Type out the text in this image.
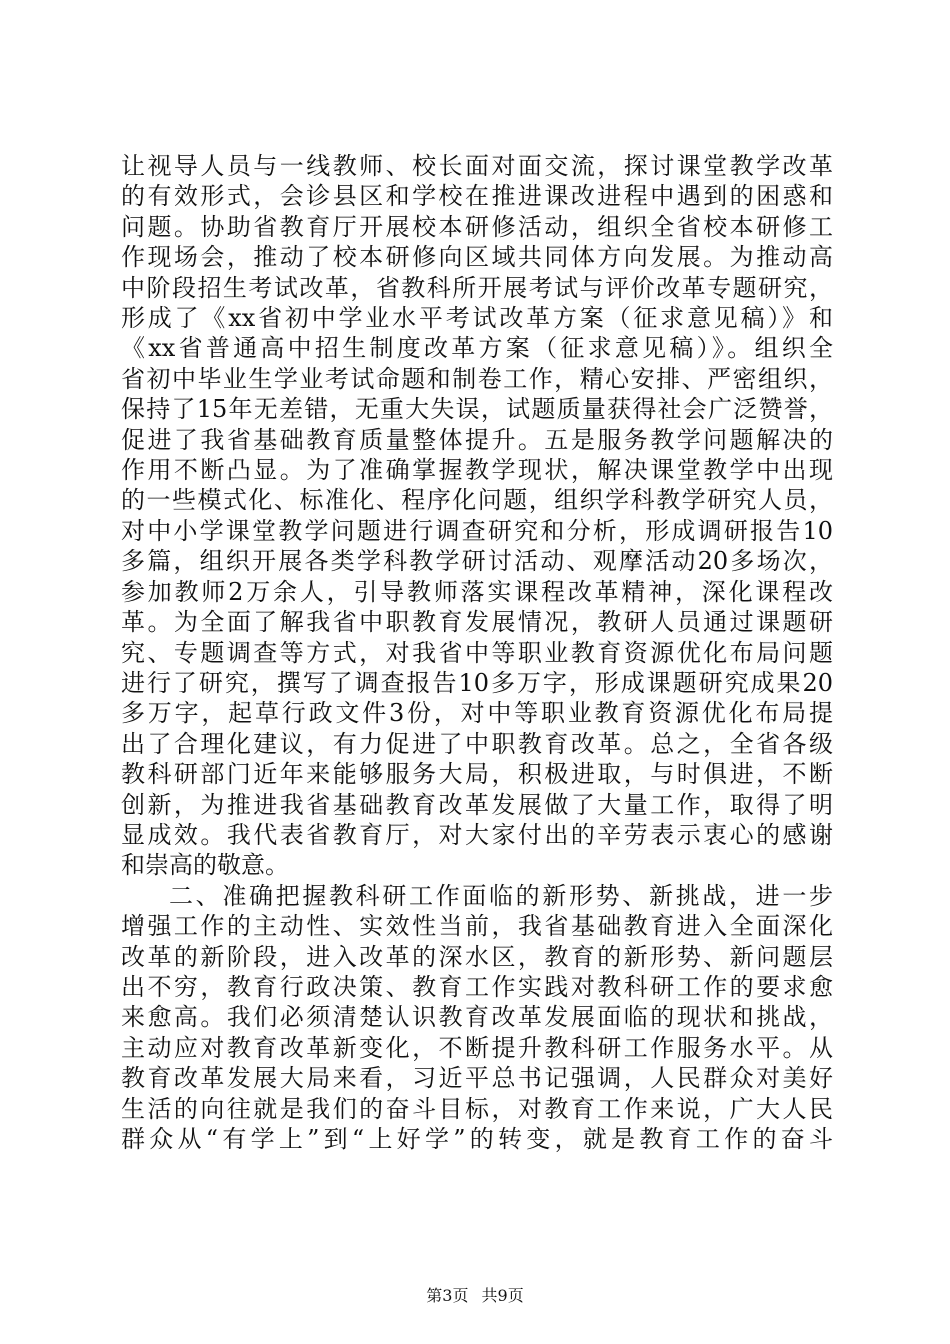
让视导人员与一线教师、校长面对面交流，探讨课堂教学改革
的有效形式，会诊县区和学校在推进课改进程中遇到的困惑和
问题。协助省教育厅开展校本研修活动，组织全省校本研修工
作现场会，推动了校本研修向区域共同体方向发展。为推动高
中阶段招生考试改革，省教科所开展考试与评价改革专题研究，
形成了《xx省初中学业水平考试改革方案（征求意见稿）》和
《xx省普通高中招生制度改革方案（征求意见稿）》。组织全
省初中毕业生学业考试命题和制卷工作，精心安排、严密组织，
保持了15年无差错，无重大失误，试题质量获得社会广泛赞誉，
促进了我省基础教育质量整体提升。五是服务教学问题解决的
作用不断凸显。为了准确掌握教学现状，解决课堂教学中出现
的一些模式化、标准化、程序化问题，组织学科教学研究人员，
对中小学课堂教学问题进行调查研究和分析，形成调研报告10
多篇，组织开展各类学科教学研讨活动、观摩活动20多场次，
参加教师2万余人，引导教师落实课程改革精神，深化课程改
革。为全面了解我省中职教育发展情况，教研人员通过课题研
究、专题调查等方式，对我省中等职业教育资源优化布局问题
进行了研究，撰写了调查报告10多万字，形成课题研究成果20
多万字，起草行政文件3份，对中等职业教育资源优化布局提
出了合理化建议，有力促进了中职教育改革。总之，全省各级
教科研部门近年来能够服务大局，积极进取，与时俱进，不断
创新，为推进我省基础教育改革发展做了大量工作，取得了明
显成效。我代表省教育厅，对大家付出的辛劳表示衷心的感谢
和崇高的敬意。
二、准确把握教科研工作面临的新形势、新挑战，进一步
增强工作的主动性、实效性当前，我省基础教育进入全面深化
改革的新阶段，进入改革的深水区，教育的新形势、新问题层
出不穷，教育行政决策、教育工作实践对教科研工作的要求愈
来愈高。我们必须清楚认识教育改革发展面临的现状和挑战，
主动应对教育改革新变化，不断提升教科研工作服务水平。从
教育改革发展大局来看，习近平总书记强调，人民群众对美好
生活的向往就是我们的奋斗目标，对教育工作来说，广大人民
群众从“有学上”到“上好学”的转变，就是教育工作的奋斗
第3页 共9页
